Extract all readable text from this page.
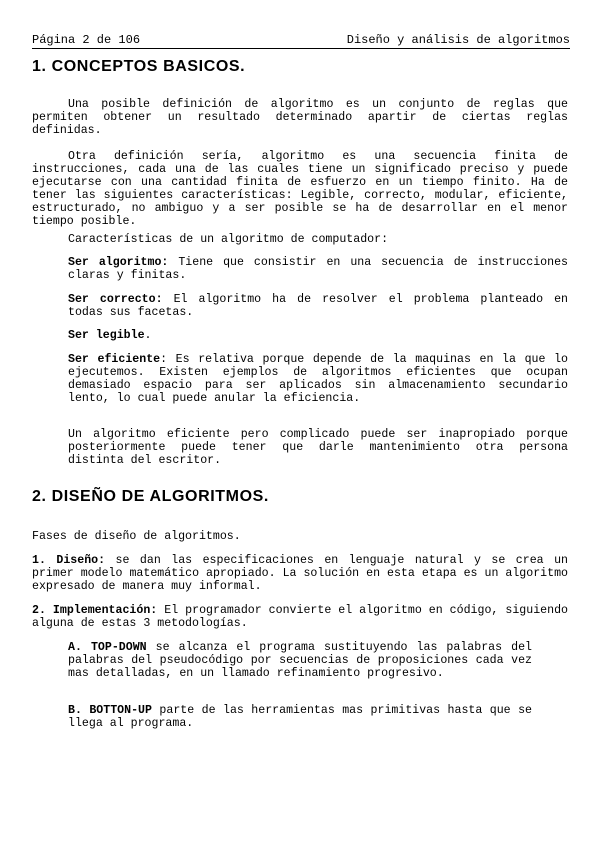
Página 2 de 106	Diseño y análisis de algoritmos
1. CONCEPTOS BASICOS.

Una posible definición de algoritmo es un conjunto de reglas que permiten obtener un resultado determinado apartir de ciertas reglas definidas.

Otra definición sería, algoritmo es una secuencia finita de instrucciones, cada una de las cuales tiene un significado preciso y puede ejecutarse con una cantidad finita de esfuerzo en un tiempo finito. Ha de tener las siguientes características: Legible, correcto, modular, eficiente, estructurado, no ambiguo y a ser posible se ha de desarrollar en el menor tiempo posible.

Características de un algoritmo de computador:

Ser algoritmo: Tiene que consistir en una secuencia de instrucciones claras y finitas.

Ser correcto: El algoritmo ha de resolver el problema planteado en todas sus facetas.

Ser legible.

Ser eficiente: Es relativa porque depende de la maquinas en la que lo ejecutemos. Existen ejemplos de algoritmos eficientes que ocupan demasiado espacio para ser aplicados sin almacenamiento secundario lento, lo cual puede anular la eficiencia.

Un algoritmo eficiente pero complicado puede ser inapropiado porque posteriormente puede tener que darle mantenimiento otra persona distinta del escritor.

2. DISEÑO DE ALGORITMOS.

Fases de diseño de algoritmos.

1. Diseño: se dan las especificaciones en lenguaje natural y se crea un primer modelo matemático apropiado. La solución en esta etapa es un algoritmo expresado de manera muy informal.

2. Implementación: El programador convierte el algoritmo en código, siguiendo alguna de estas 3 metodologías.

A. TOP-DOWN se alcanza el programa sustituyendo las palabras del palabras del pseudocódigo por secuencias de proposiciones cada vez mas detalladas, en un llamado refinamiento progresivo.

B. BOTTON-UP parte de las herramientas mas primitivas hasta que se llega al programa.
